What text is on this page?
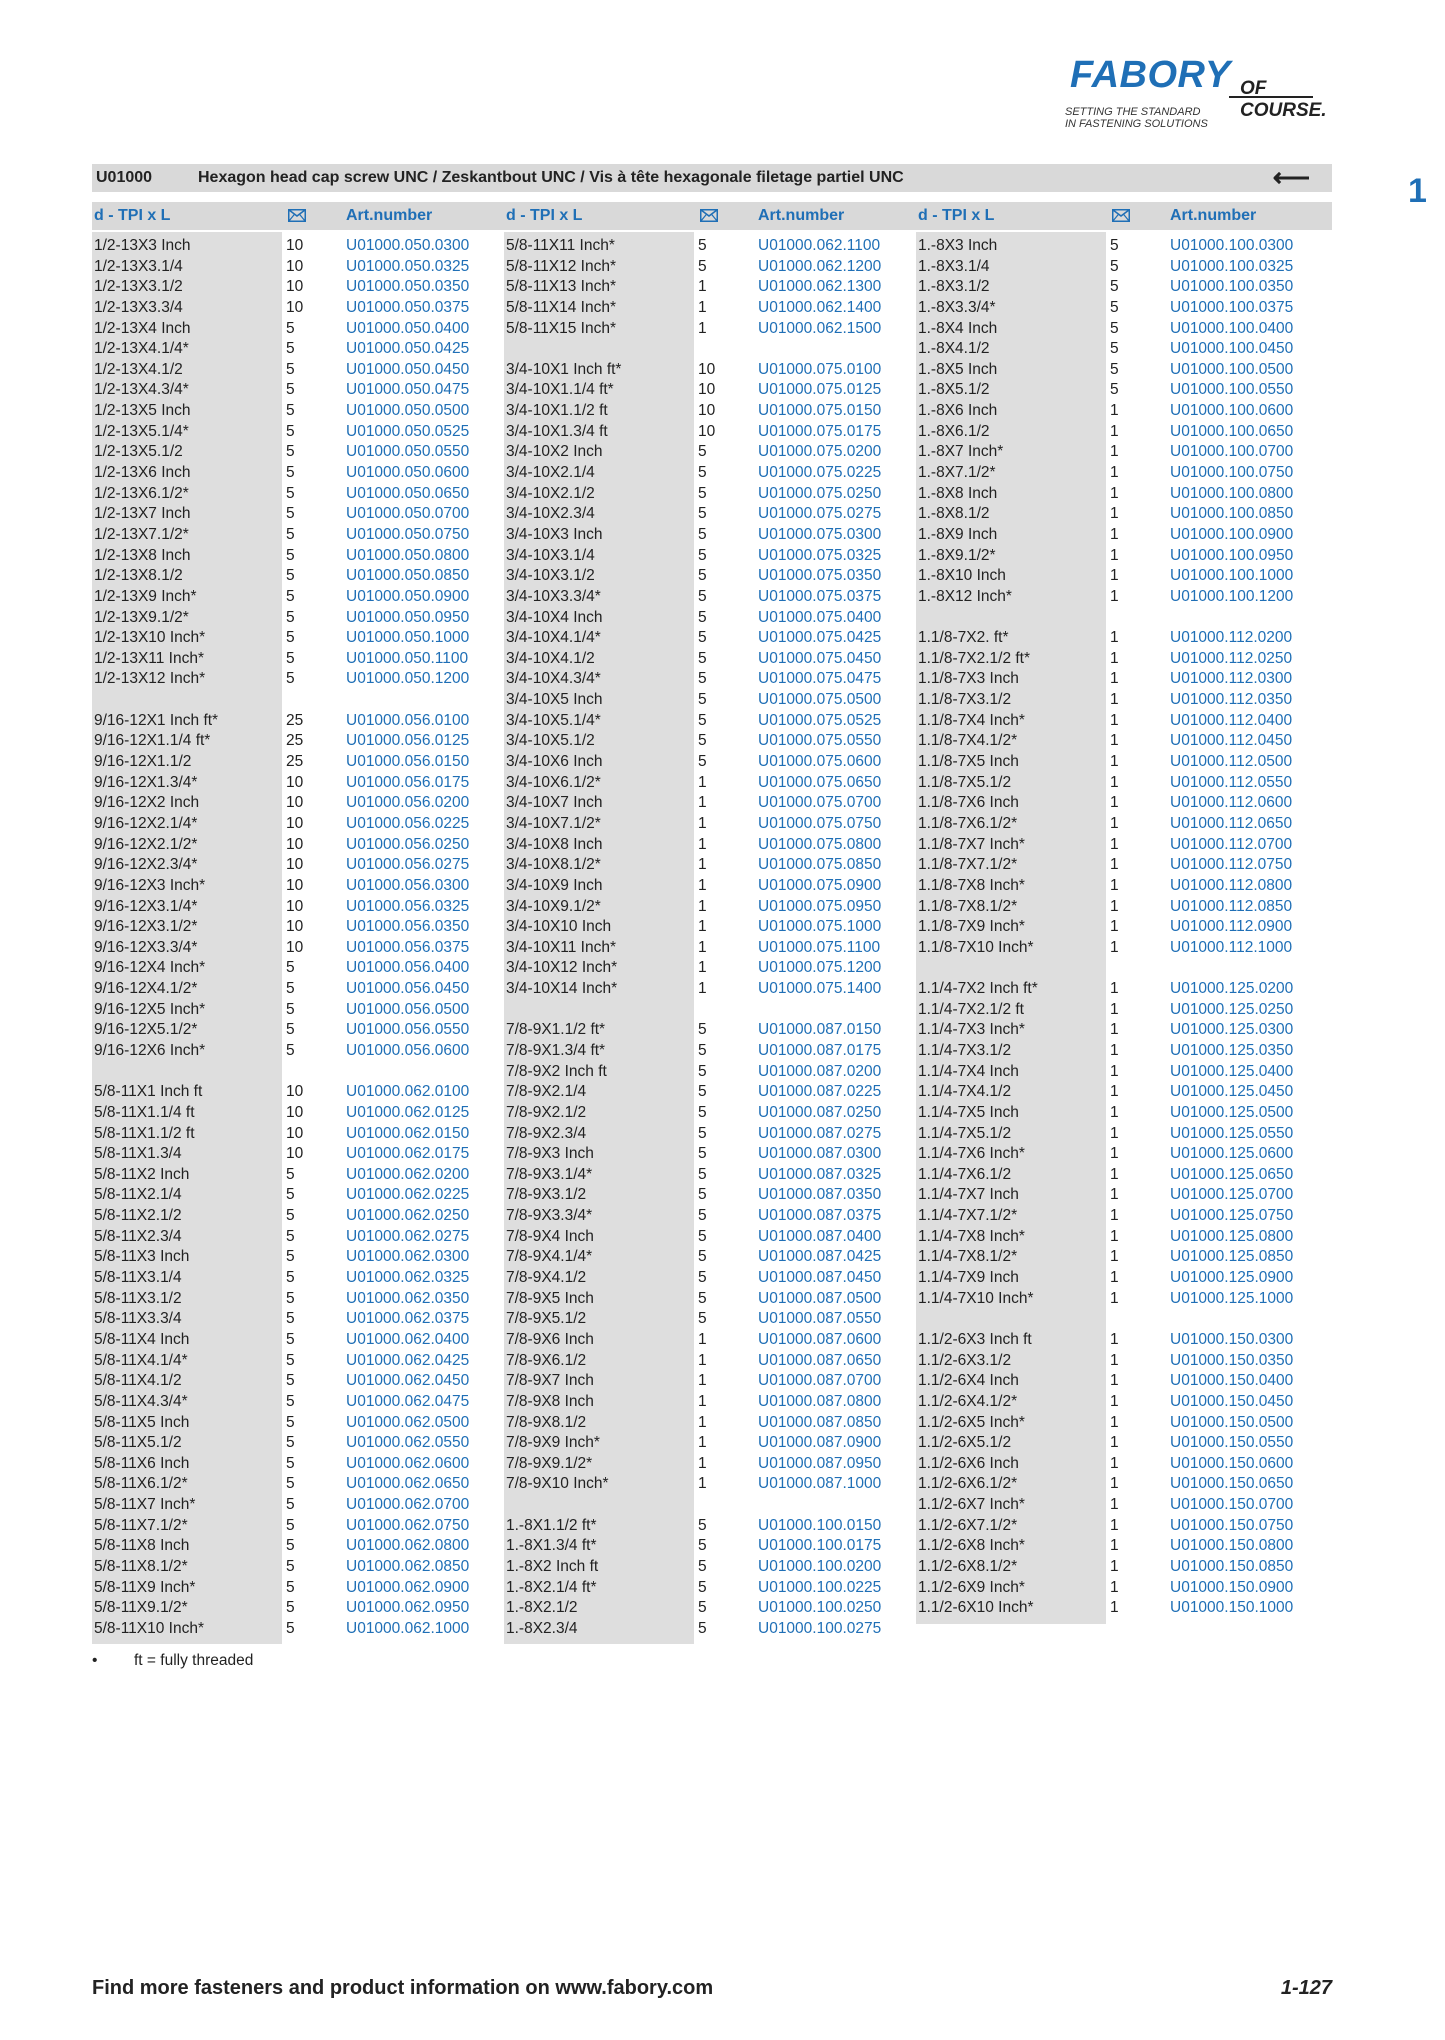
FABORY OF COURSE.
SETTING THE STANDARD
IN FASTENING SOLUTIONS
1
U01000	Hexagon head cap screw UNC / Zeskantbout UNC / Vis à tête hexagonale filetage partiel UNC	⟵
d - TPI x L	Art.number	d - TPI x L	Art.number	d - TPI x L	Art.number
1/2-13X3 Inch	10	U01000.050.0300 5/8-11X11 Inch*	5	U01000.062.1100 1.-8X3 Inch	5	U01000.100.0300
1/2-13X3.1/4	10	U01000.050.0325 5/8-11X12 Inch*	5	U01000.062.1200 1.-8X3.1/4	5	U01000.100.0325
1/2-13X3.1/2	10	U01000.050.0350 5/8-11X13 Inch*	1	U01000.062.1300 1.-8X3.1/2	5	U01000.100.0350
1/2-13X3.3/4	10	U01000.050.0375 5/8-11X14 Inch*	1	U01000.062.1400 1.-8X3.3/4*	5	U01000.100.0375
1/2-13X4 Inch	5	U01000.050.0400 5/8-11X15 Inch*	1	U01000.062.1500 1.-8X4 Inch	5	U01000.100.0400
1/2-13X4.1/4*	5	U01000.050.0425	1.-8X4.1/2	5	U01000.100.0450
1/2-13X4.1/2	5	U01000.050.0450 3/4-10X1 Inch ft*	10	U01000.075.0100 1.-8X5 Inch	5	U01000.100.0500
1/2-13X4.3/4*	5	U01000.050.0475 3/4-10X1.1/4 ft*	10	U01000.075.0125 1.-8X5.1/2	5	U01000.100.0550
1/2-13X5 Inch	5	U01000.050.0500 3/4-10X1.1/2 ft	10	U01000.075.0150 1.-8X6 Inch	1	U01000.100.0600
1/2-13X5.1/4*	5	U01000.050.0525 3/4-10X1.3/4 ft	10	U01000.075.0175 1.-8X6.1/2	1	U01000.100.0650
1/2-13X5.1/2	5	U01000.050.0550 3/4-10X2 Inch	5	U01000.075.0200 1.-8X7 Inch*	1	U01000.100.0700
1/2-13X6 Inch	5	U01000.050.0600 3/4-10X2.1/4	5	U01000.075.0225 1.-8X7.1/2*	1	U01000.100.0750
1/2-13X6.1/2*	5	U01000.050.0650 3/4-10X2.1/2	5	U01000.075.0250 1.-8X8 Inch	1	U01000.100.0800
1/2-13X7 Inch	5	U01000.050.0700 3/4-10X2.3/4	5	U01000.075.0275 1.-8X8.1/2	1	U01000.100.0850
1/2-13X7.1/2*	5	U01000.050.0750 3/4-10X3 Inch	5	U01000.075.0300 1.-8X9 Inch	1	U01000.100.0900
1/2-13X8 Inch	5	U01000.050.0800 3/4-10X3.1/4	5	U01000.075.0325 1.-8X9.1/2*	1	U01000.100.0950
1/2-13X8.1/2	5	U01000.050.0850 3/4-10X3.1/2	5	U01000.075.0350 1.-8X10 Inch	1	U01000.100.1000
1/2-13X9 Inch*	5	U01000.050.0900 3/4-10X3.3/4*	5	U01000.075.0375 1.-8X12 Inch*	1	U01000.100.1200
1/2-13X9.1/2*	5	U01000.050.0950 3/4-10X4 Inch	5	U01000.075.0400
1/2-13X10 Inch*	5	U01000.050.1000 3/4-10X4.1/4*	5	U01000.075.0425 1.1/8-7X2. ft*	1	U01000.112.0200
1/2-13X11 Inch*	5	U01000.050.1100 3/4-10X4.1/2	5	U01000.075.0450 1.1/8-7X2.1/2 ft*	1	U01000.112.0250
1/2-13X12 Inch*	5	U01000.050.1200 3/4-10X4.3/4*	5	U01000.075.0475 1.1/8-7X3 Inch	1	U01000.112.0300
3/4-10X5 Inch	5	U01000.075.0500 1.1/8-7X3.1/2	1	U01000.112.0350
9/16-12X1 Inch ft*	25	U01000.056.0100 3/4-10X5.1/4*	5	U01000.075.0525 1.1/8-7X4 Inch*	1	U01000.112.0400
9/16-12X1.1/4 ft*	25	U01000.056.0125 3/4-10X5.1/2	5	U01000.075.0550 1.1/8-7X4.1/2*	1	U01000.112.0450
9/16-12X1.1/2	25	U01000.056.0150 3/4-10X6 Inch	5	U01000.075.0600 1.1/8-7X5 Inch	1	U01000.112.0500
9/16-12X1.3/4*	10	U01000.056.0175 3/4-10X6.1/2*	1	U01000.075.0650 1.1/8-7X5.1/2	1	U01000.112.0550
9/16-12X2 Inch	10	U01000.056.0200 3/4-10X7 Inch	1	U01000.075.0700 1.1/8-7X6 Inch	1	U01000.112.0600
9/16-12X2.1/4*	10	U01000.056.0225 3/4-10X7.1/2*	1	U01000.075.0750 1.1/8-7X6.1/2*	1	U01000.112.0650
9/16-12X2.1/2*	10	U01000.056.0250 3/4-10X8 Inch	1	U01000.075.0800 1.1/8-7X7 Inch*	1	U01000.112.0700
9/16-12X2.3/4*	10	U01000.056.0275 3/4-10X8.1/2*	1	U01000.075.0850 1.1/8-7X7.1/2*	1	U01000.112.0750
9/16-12X3 Inch*	10	U01000.056.0300 3/4-10X9 Inch	1	U01000.075.0900 1.1/8-7X8 Inch*	1	U01000.112.0800
9/16-12X3.1/4*	10	U01000.056.0325 3/4-10X9.1/2*	1	U01000.075.0950 1.1/8-7X8.1/2*	1	U01000.112.0850
9/16-12X3.1/2*	10	U01000.056.0350 3/4-10X10 Inch	1	U01000.075.1000 1.1/8-7X9 Inch*	1	U01000.112.0900
9/16-12X3.3/4*	10	U01000.056.0375 3/4-10X11 Inch*	1	U01000.075.1100 1.1/8-7X10 Inch*	1	U01000.112.1000
9/16-12X4 Inch*	5	U01000.056.0400 3/4-10X12 Inch*	1	U01000.075.1200
9/16-12X4.1/2*	5	U01000.056.0450 3/4-10X14 Inch*	1	U01000.075.1400 1.1/4-7X2 Inch ft*	1	U01000.125.0200
9/16-12X5 Inch*	5	U01000.056.0500	1.1/4-7X2.1/2 ft	1	U01000.125.0250
9/16-12X5.1/2*	5	U01000.056.0550 7/8-9X1.1/2 ft*	5	U01000.087.0150 1.1/4-7X3 Inch*	1	U01000.125.0300
9/16-12X6 Inch*	5	U01000.056.0600 7/8-9X1.3/4 ft*	5	U01000.087.0175 1.1/4-7X3.1/2	1	U01000.125.0350
7/8-9X2 Inch ft	5	U01000.087.0200 1.1/4-7X4 Inch	1	U01000.125.0400
5/8-11X1 Inch ft	10	U01000.062.0100 7/8-9X2.1/4	5	U01000.087.0225 1.1/4-7X4.1/2	1	U01000.125.0450
5/8-11X1.1/4 ft	10	U01000.062.0125 7/8-9X2.1/2	5	U01000.087.0250 1.1/4-7X5 Inch	1	U01000.125.0500
5/8-11X1.1/2 ft	10	U01000.062.0150 7/8-9X2.3/4	5	U01000.087.0275 1.1/4-7X5.1/2	1	U01000.125.0550
5/8-11X1.3/4	10	U01000.062.0175 7/8-9X3 Inch	5	U01000.087.0300 1.1/4-7X6 Inch*	1	U01000.125.0600
5/8-11X2 Inch	5	U01000.062.0200 7/8-9X3.1/4*	5	U01000.087.0325 1.1/4-7X6.1/2	1	U01000.125.0650
5/8-11X2.1/4	5	U01000.062.0225 7/8-9X3.1/2	5	U01000.087.0350 1.1/4-7X7 Inch	1	U01000.125.0700
5/8-11X2.1/2	5	U01000.062.0250 7/8-9X3.3/4*	5	U01000.087.0375 1.1/4-7X7.1/2*	1	U01000.125.0750
5/8-11X2.3/4	5	U01000.062.0275 7/8-9X4 Inch	5	U01000.087.0400 1.1/4-7X8 Inch*	1	U01000.125.0800
5/8-11X3 Inch	5	U01000.062.0300 7/8-9X4.1/4*	5	U01000.087.0425 1.1/4-7X8.1/2*	1	U01000.125.0850
5/8-11X3.1/4	5	U01000.062.0325 7/8-9X4.1/2	5	U01000.087.0450 1.1/4-7X9 Inch	1	U01000.125.0900
5/8-11X3.1/2	5	U01000.062.0350 7/8-9X5 Inch	5	U01000.087.0500 1.1/4-7X10 Inch*	1	U01000.125.1000
5/8-11X3.3/4	5	U01000.062.0375 7/8-9X5.1/2	5	U01000.087.0550
5/8-11X4 Inch	5	U01000.062.0400 7/8-9X6 Inch	1	U01000.087.0600 1.1/2-6X3 Inch ft	1	U01000.150.0300
5/8-11X4.1/4*	5	U01000.062.0425 7/8-9X6.1/2	1	U01000.087.0650 1.1/2-6X3.1/2	1	U01000.150.0350
5/8-11X4.1/2	5	U01000.062.0450 7/8-9X7 Inch	1	U01000.087.0700 1.1/2-6X4 Inch	1	U01000.150.0400
5/8-11X4.3/4*	5	U01000.062.0475 7/8-9X8 Inch	1	U01000.087.0800 1.1/2-6X4.1/2*	1	U01000.150.0450
5/8-11X5 Inch	5	U01000.062.0500 7/8-9X8.1/2	1	U01000.087.0850 1.1/2-6X5 Inch*	1	U01000.150.0500
5/8-11X5.1/2	5	U01000.062.0550 7/8-9X9 Inch*	1	U01000.087.0900 1.1/2-6X5.1/2	1	U01000.150.0550
5/8-11X6 Inch	5	U01000.062.0600 7/8-9X9.1/2*	1	U01000.087.0950 1.1/2-6X6 Inch	1	U01000.150.0600
5/8-11X6.1/2*	5	U01000.062.0650 7/8-9X10 Inch*	1	U01000.087.1000 1.1/2-6X6.1/2*	1	U01000.150.0650
5/8-11X7 Inch*	5	U01000.062.0700	1.1/2-6X7 Inch*	1	U01000.150.0700
5/8-11X7.1/2*	5	U01000.062.0750 1.-8X1.1/2 ft*	5	U01000.100.0150 1.1/2-6X7.1/2*	1	U01000.150.0750
5/8-11X8 Inch	5	U01000.062.0800 1.-8X1.3/4 ft*	5	U01000.100.0175 1.1/2-6X8 Inch*	1	U01000.150.0800
5/8-11X8.1/2*	5	U01000.062.0850 1.-8X2 Inch ft	5	U01000.100.0200 1.1/2-6X8.1/2*	1	U01000.150.0850
5/8-11X9 Inch*	5	U01000.062.0900 1.-8X2.1/4 ft*	5	U01000.100.0225 1.1/2-6X9 Inch*	1	U01000.150.0900
5/8-11X9.1/2*	5	U01000.062.0950 1.-8X2.1/2	5	U01000.100.0250 1.1/2-6X10 Inch*	1	U01000.150.1000
5/8-11X10 Inch*	5	U01000.062.1000 1.-8X2.3/4	5	U01000.100.0275
• ft = fully threaded
Find more fasteners and product information on www.fabory.com	1-127
